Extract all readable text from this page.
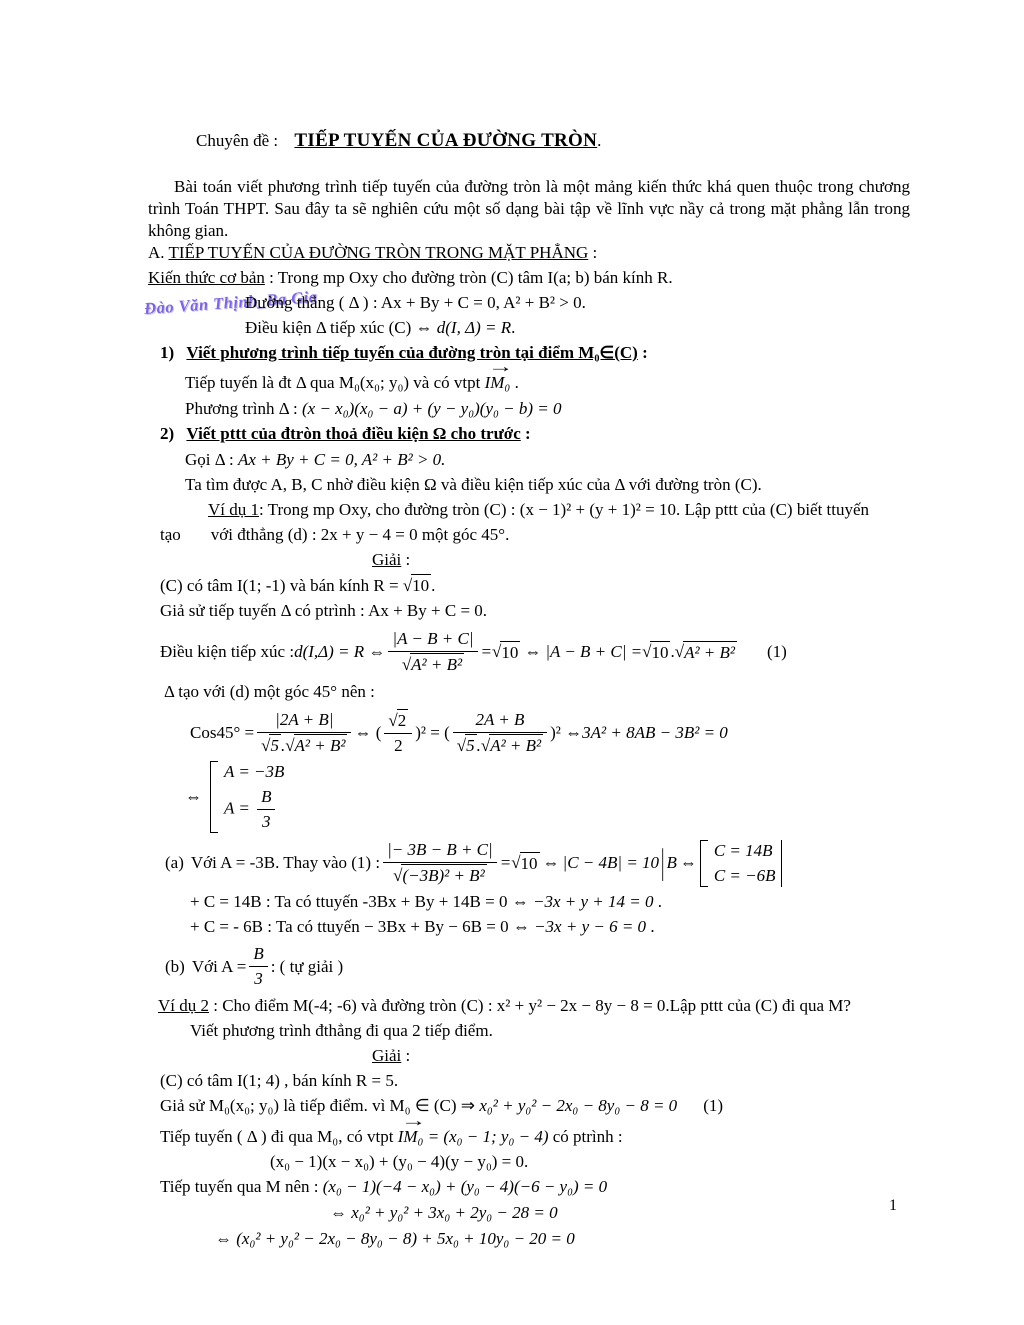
Đào Văn Thịnh_Ba Gia
Chuyên đề : TIẾP TUYẾN CỦA ĐƯỜNG TRÒN.

Bài toán viết phương trình tiếp tuyến của đường tròn là một mảng kiến thức khá quen thuộc trong chương trình Toán THPT. Sau đây ta sẽ nghiên cứu một số dạng bài tập về lĩnh vực nầy cả trong mặt phẳng lẫn trong không gian.

A. TIẾP TUYẾN CỦA ĐƯỜNG TRÒN TRONG MẶT PHẲNG :
Kiến thức cơ bản : Trong mp Oxy cho đường tròn (C) tâm I(a; b) bán kính R.
Đường thẳng ( Δ ) : Ax + By + C = 0, A² + B² > 0.
Điều kiện Δ tiếp xúc (C) ⇔ d(I, Δ) = R.
1) Viết phương trình tiếp tuyến của đường tròn tại điểm M₀∈(C) :
Tiếp tuyến là đt Δ qua M₀(x₀; y₀) và có vtpt
→
IM₀ .
Phương trình Δ : (x − x₀)(x₀ − a) + (y − y₀)(y₀ − b) = 0
2) Viết pttt của đtròn thoả điều kiện Ω cho trước :
Gọi Δ : Ax + By + C = 0, A² + B² > 0.
Ta tìm được A, B, C nhờ điều kiện Ω và điều kiện tiếp xúc của Δ với đường tròn (C).
Ví dụ 1: Trong mp Oxy, cho đường tròn (C) : (x − 1)² + (y + 1)² = 10. Lập pttt của (C) biết ttuyến
tạo với đthẳng (d) : 2x + y − 4 = 0 một góc 45°.
Giải :
(C) có tâm I(1; -1) và bán kính R = √10 .
Giả sử tiếp tuyến Δ có ptrình : Ax + By + C = 0.
Điều kiện tiếp xúc : d(I,Δ) = R ⇔ $\frac{|A - B + C|}{\text{√A² + B²}}$ = √ 10 ⇔ |A − B + C| = √ 10 . √ A² + B² (1)
Δ tạo với (d) một góc 45° nên :
$Cos45^\circ = \frac{|2A + B|}{\text{√5 .√A² + B²}}$ ⇔ ( $\frac{√2}{2} )^2$ = ( $\frac{2A + B}{\text{√5 .√A² + B²}} )^2$ ⇔ 3A² + 8AB − 3B² = 0
⇔
A = −3B
$A = \frac{B}{3}$
(a) Với A = -3B. Thay vào (1) : $\frac{|- 3B - B + C|}{\text{√(−3B)² + B²}}$ = √ 10 ⇔ |C − 4B| = 10 | B ⇔
C = 14B
C = −6B
+ C = 14B : Ta có ttuyến -3Bx + By + 14B = 0 ⇔ −3x + y + 14 = 0 .
+ C = - 6B : Ta có ttuyến − 3Bx + By − 6B = 0 ⇔ −3x + y − 6 = 0 .
(b) Với $A = \frac{B}{3}$ : ( tự giải )
Ví dụ 2 : Cho điểm M(-4; -6) và đường tròn (C) : x² + y² − 2x − 8y − 8 = 0.Lập pttt của (C) đi qua M?
Viết phương trình đthẳng đi qua 2 tiếp điểm.
Giải :
(C) có tâm I(1; 4) , bán kính R = 5.
Giả sử M₀(x₀; y₀) là tiếp điểm. vì M₀ ∈ (C) ⇒ x₀² + y₀² − 2x₀ − 8y₀ − 8 = 0 (1)
Tiếp tuyến ( Δ ) đi qua M₀, có vtpt
→
IM₀ = (x₀ − 1; y₀ − 4) có ptrình :
(x₀ − 1)(x − x₀) + (y₀ − 4)(y − y₀) = 0.
Tiếp tuyến qua M nên : (x₀ − 1)(−4 − x₀) + (y₀ − 4)(−6 − y₀) = 0
⇔ x₀² + y₀² + 3x₀ + 2y₀ − 28 = 0
⇔ (x₀² + y₀² − 2x₀ − 8y₀ − 8) + 5x₀ + 10y₀ − 20 = 0
1
